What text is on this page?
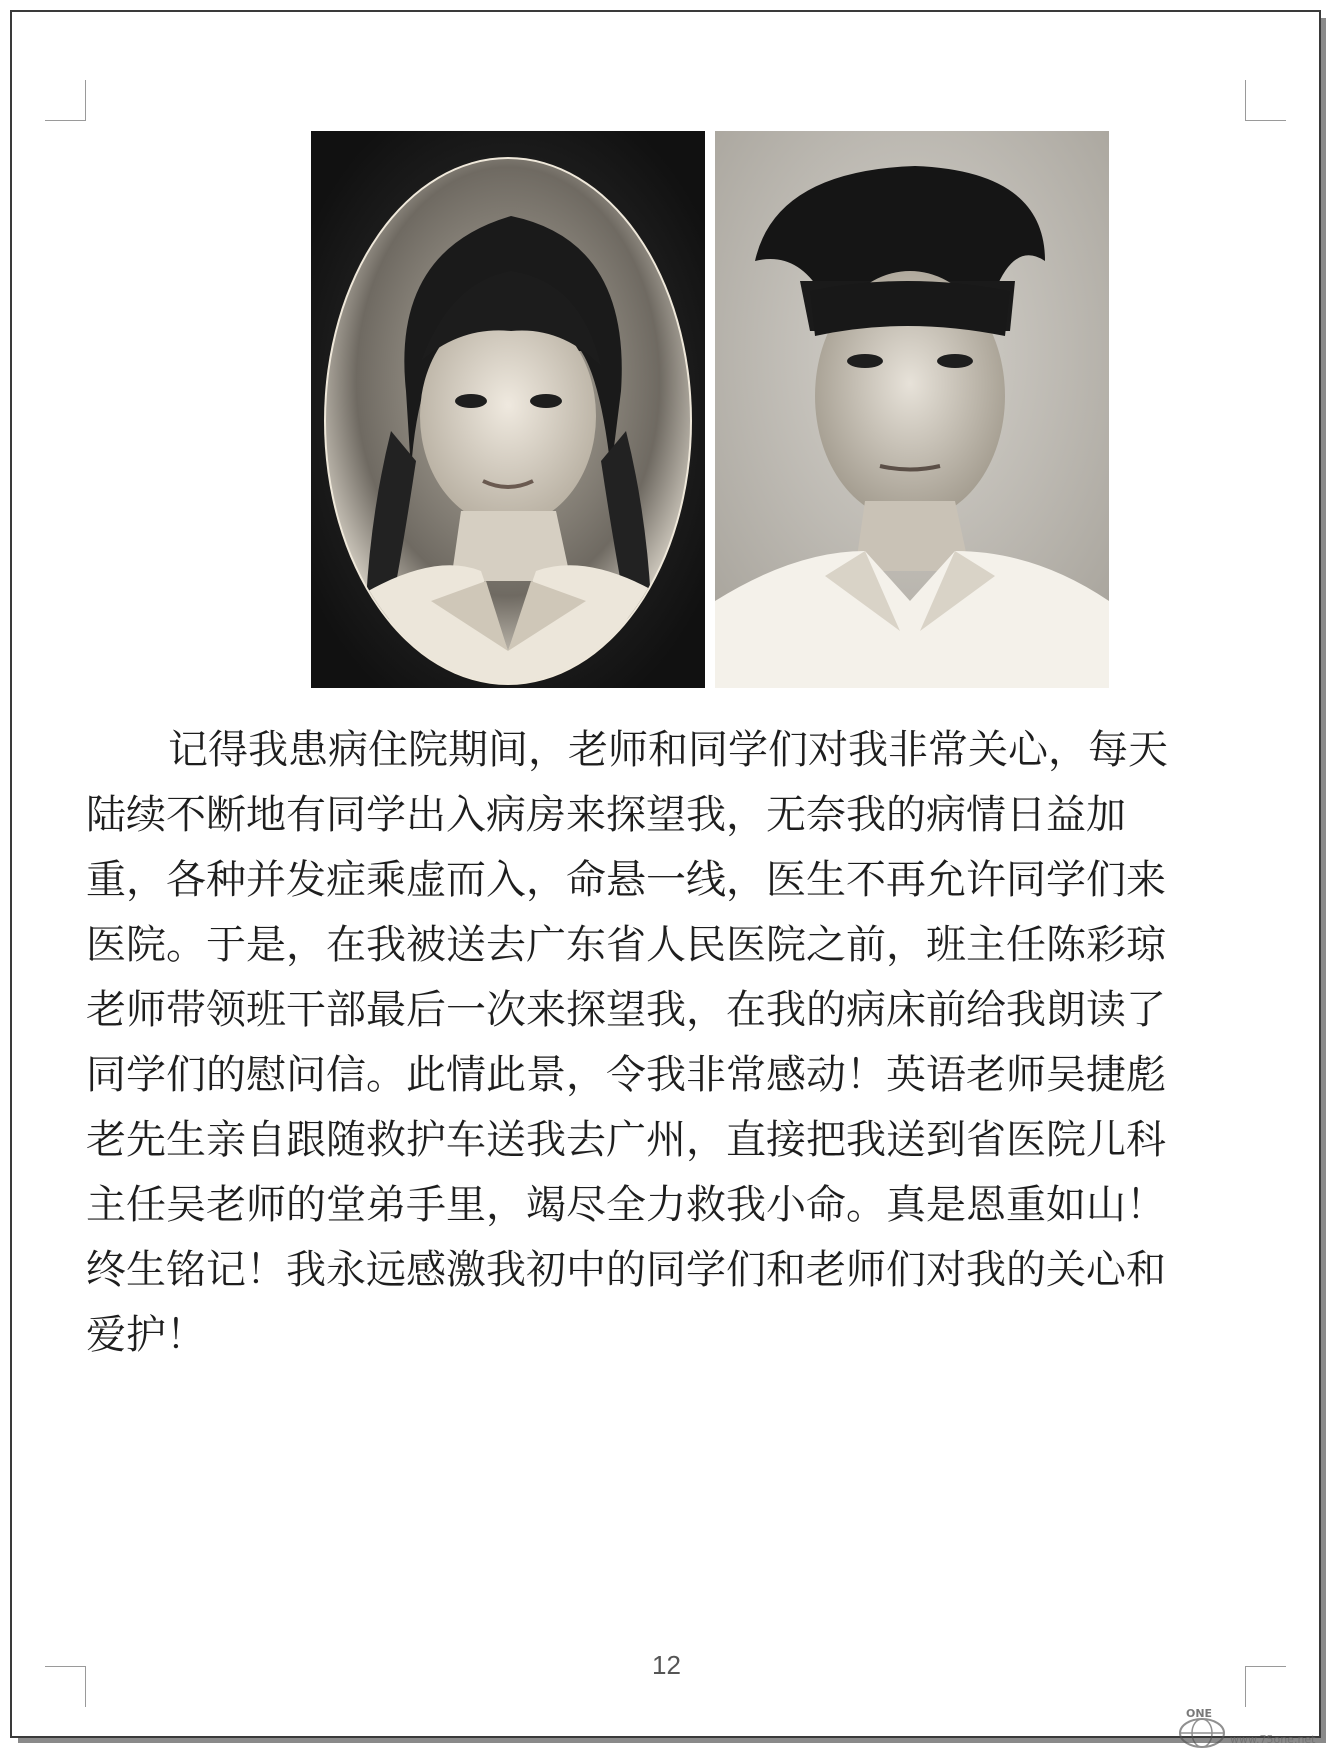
记得我患病住院期间，老师和同学们对我非常关心，每天
陆续不断地有同学出入病房来探望我，无奈我的病情日益加
重，各种并发症乘虚而入，命悬一线，医生不再允许同学们来
医院。于是，在我被送去广东省人民医院之前，班主任陈彩琼
老师带领班干部最后一次来探望我，在我的病床前给我朗读了
同学们的慰问信。此情此景，令我非常感动！英语老师吴捷彪
老先生亲自跟随救护车送我去广州，直接把我送到省医院儿科
主任吴老师的堂弟手里，竭尽全力救我小命。真是恩重如山！
终生铭记！我永远感激我初中的同学们和老师们对我的关心和
爱护！
12
ONE
www.75one.net
